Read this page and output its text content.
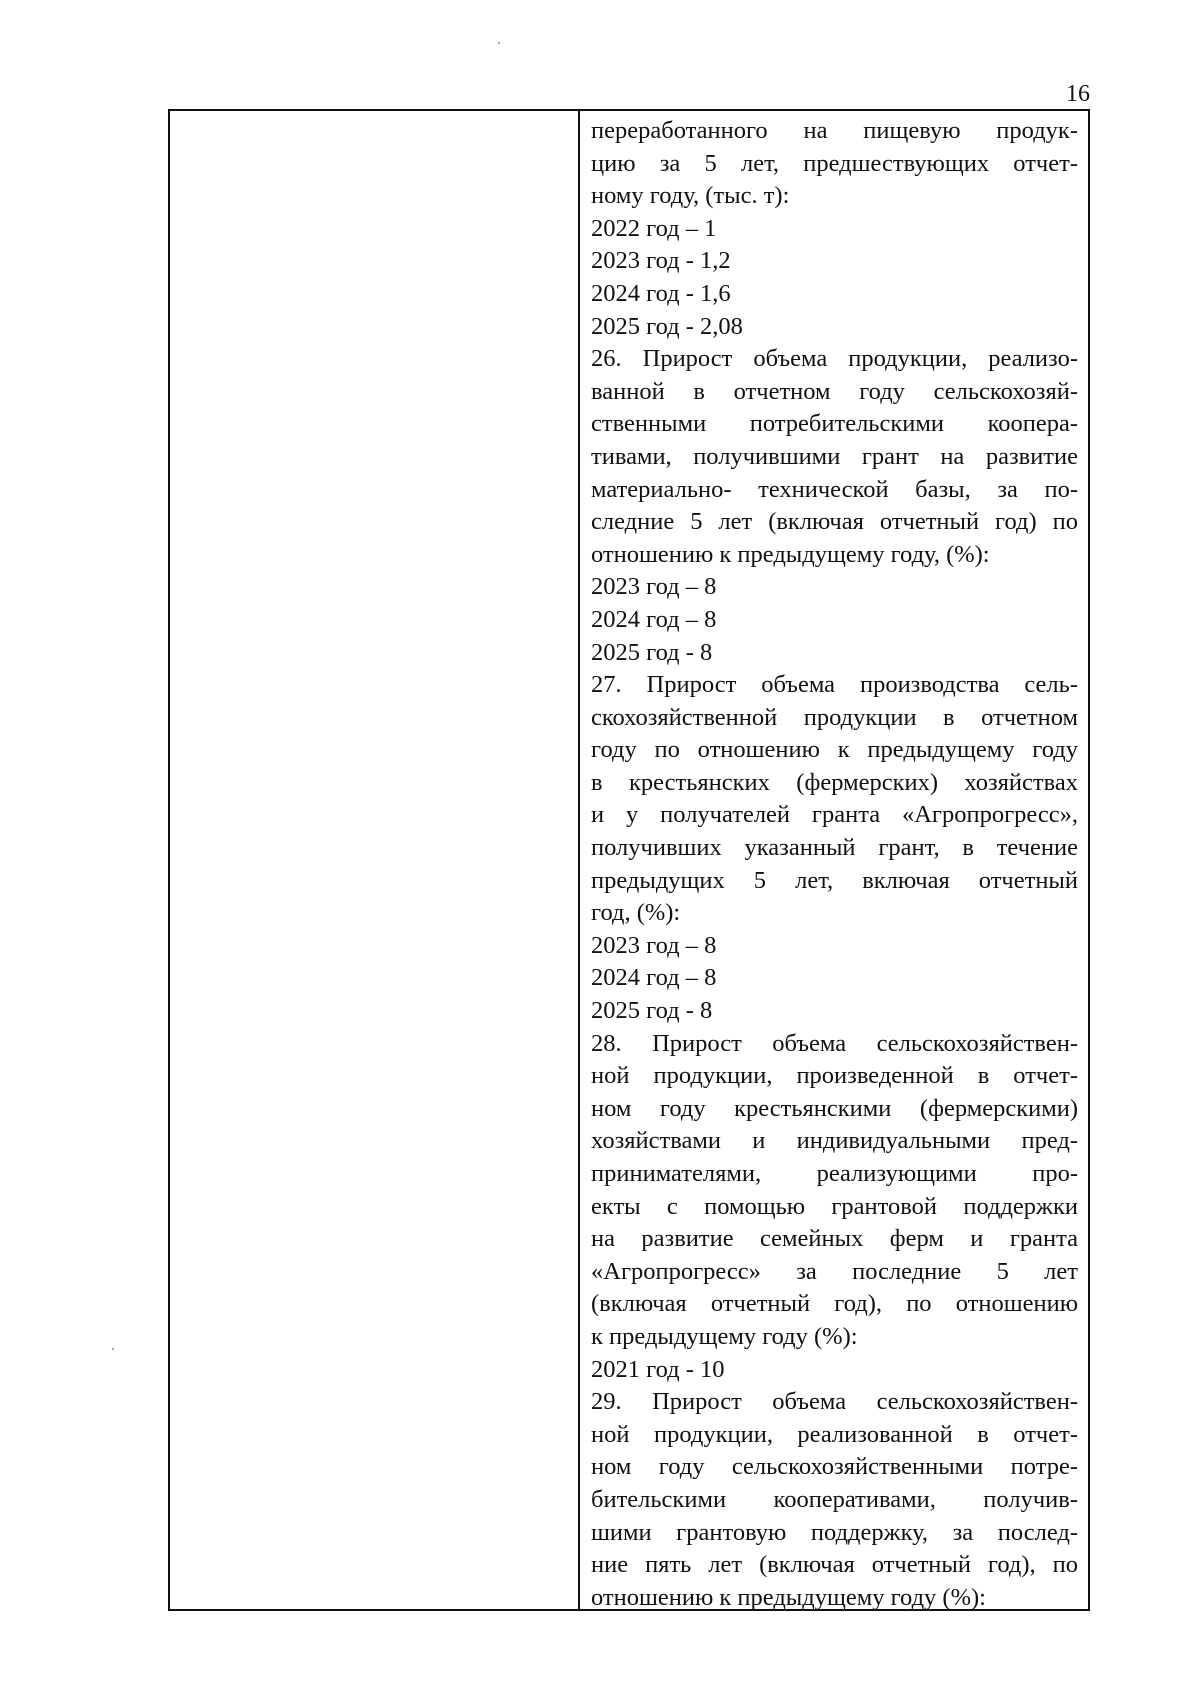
16
переработанного на пищевую продук-
цию за 5 лет, предшествующих отчет-
ному году, (тыс. т):
2022 год – 1
2023 год - 1,2
2024 год - 1,6
2025 год - 2,08
26. Прирост объема продукции, реализо-
ванной в отчетном году сельскохозяй-
ственными потребительскими коопера-
тивами, получившими грант на развитие
материально- технической базы, за по-
следние 5 лет (включая отчетный год) по
отношению к предыдущему году, (%):
2023 год – 8
2024 год – 8
2025 год - 8
27. Прирост объема производства сель-
скохозяйственной продукции в отчетном
году по отношению к предыдущему году
в крестьянских (фермерских) хозяйствах
и у получателей гранта «Агропрогресс»,
получивших указанный грант, в течение
предыдущих 5 лет, включая отчетный
год, (%):
2023 год – 8
2024 год – 8
2025 год - 8
28. Прирост объема сельскохозяйствен-
ной продукции, произведенной в отчет-
ном году крестьянскими (фермерскими)
хозяйствами и индивидуальными пред-
принимателями, реализующими про-
екты с помощью грантовой поддержки
на развитие семейных ферм и гранта
«Агропрогресс» за последние 5 лет
(включая отчетный год), по отношению
к предыдущему году (%):
2021 год - 10
29. Прирост объема сельскохозяйствен-
ной продукции, реализованной в отчет-
ном году сельскохозяйственными потре-
бительскими кооперативами, получив-
шими грантовую поддержку, за послед-
ние пять лет (включая отчетный год), по
отношению к предыдущему году (%):
